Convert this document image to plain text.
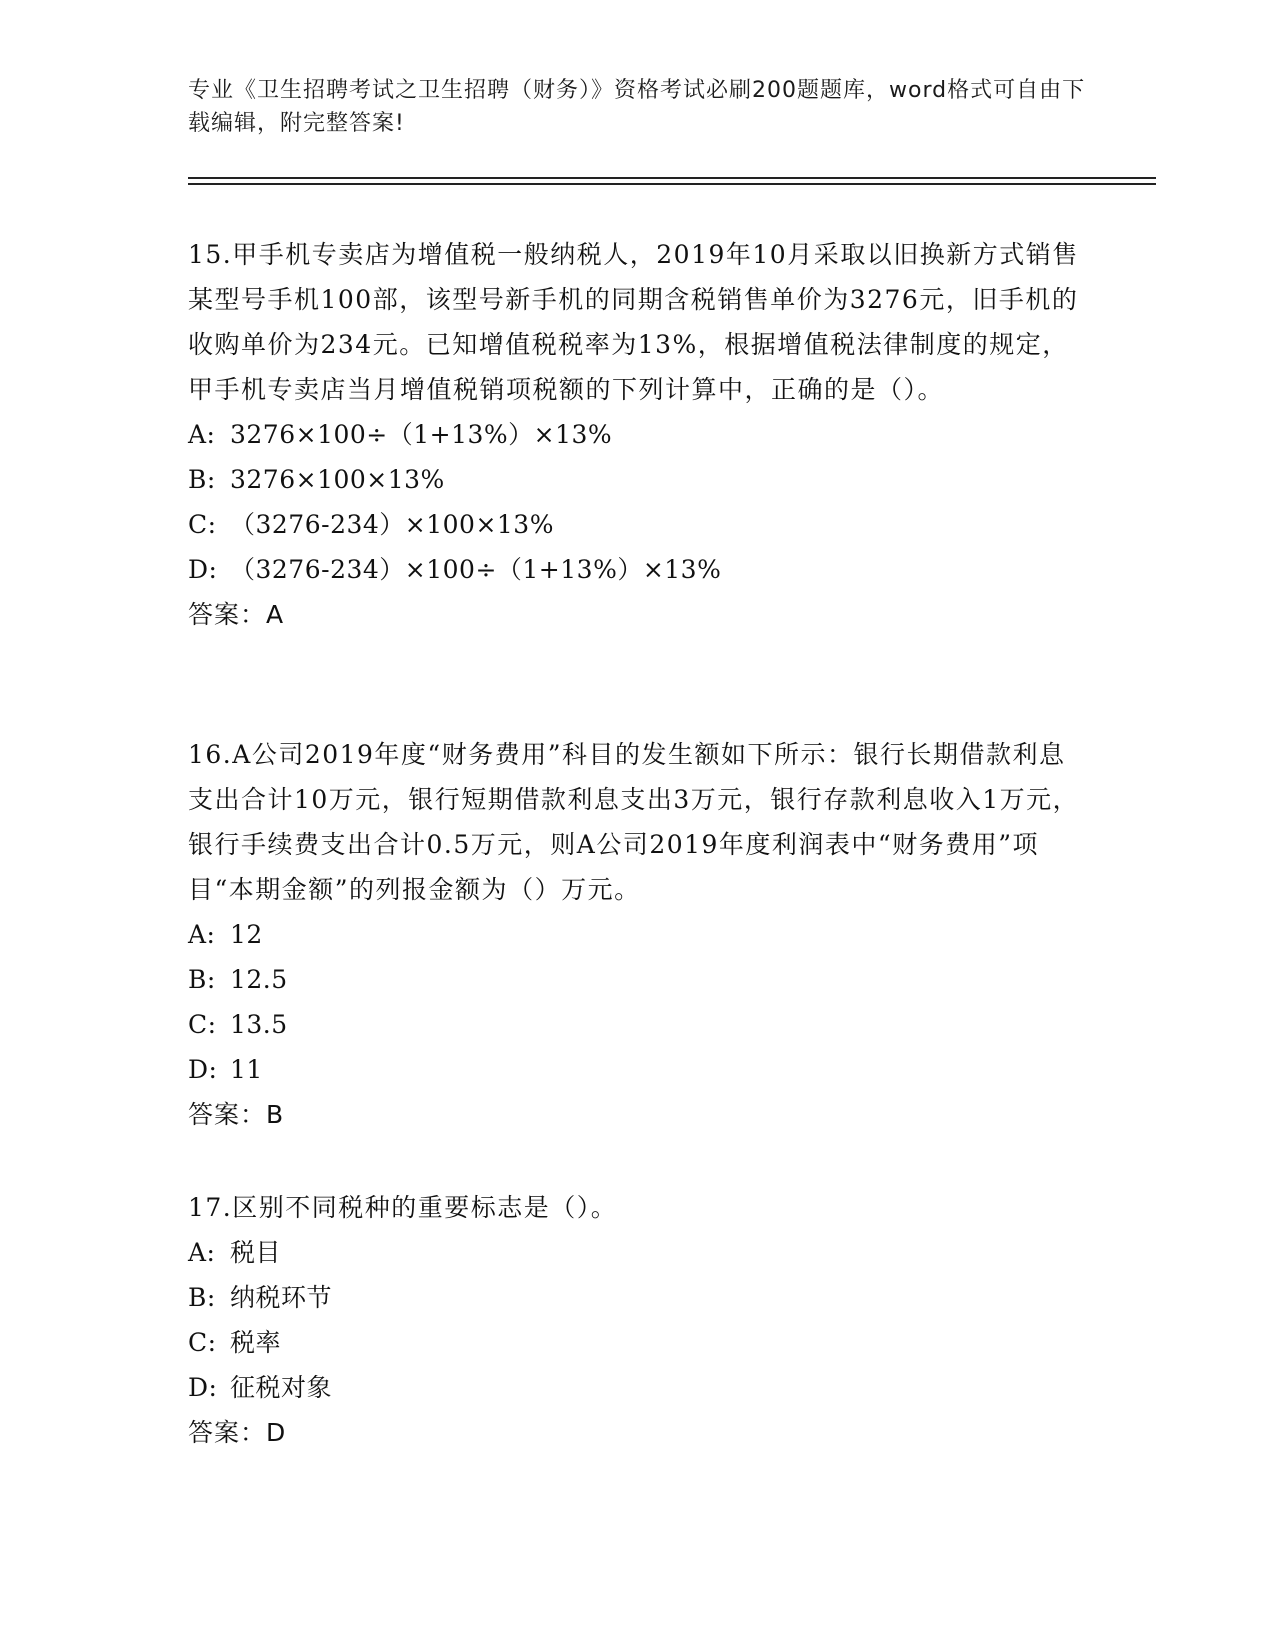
专业《卫生招聘考试之卫生招聘（财务）》资格考试必刷200题题库，word格式可自由下载编辑，附完整答案!

15.甲手机专卖店为增值税一般纳税人，2019年10月采取以旧换新方式销售某型号手机100部，该型号新手机的同期含税销售单价为3276元，旧手机的收购单价为234元。已知增值税税率为13%，根据增值税法律制度的规定，甲手机专卖店当月增值税销项税额的下列计算中，正确的是（）。

A: 3276×100÷（1+13%）×13%

B: 3276×100×13%

C: （3276-234）×100×13%

D: （3276-234）×100÷（1+13%）×13%

答案：A

16.A公司2019年度“财务费用”科目的发生额如下所示：银行长期借款利息支出合计10万元，银行短期借款利息支出3万元，银行存款利息收入1万元，银行手续费支出合计0.5万元，则A公司2019年度利润表中“财务费用”项目“本期金额”的列报金额为（）万元。

A: 12

B: 12.5

C: 13.5

D: 11

答案：B

17.区别不同税种的重要标志是（）。

A: 税目

B: 纳税环节

C: 税率

D: 征税对象

答案：D
